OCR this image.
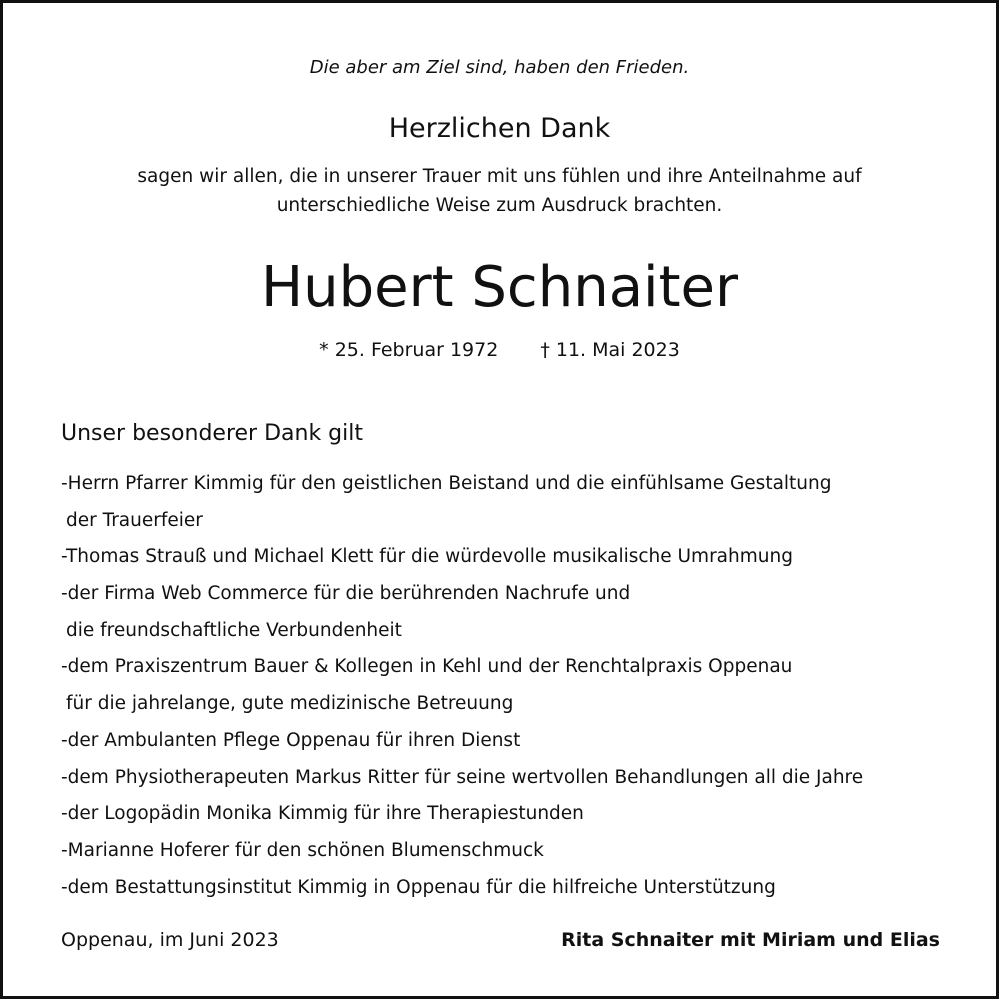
Die aber am Ziel sind, haben den Frieden.
Herzlichen Dank
sagen wir allen, die in unserer Trauer mit uns fühlen und ihre Anteilnahme auf
unterschiedliche Weise zum Ausdruck brachten.
Hubert Schnaiter
* 25. Februar 1972 † 11. Mai 2023
Unser besonderer Dank gilt
-Herrn Pfarrer Kimmig für den geistlichen Beistand und die einfühlsame Gestaltung
der Trauerfeier
-Thomas Strauß und Michael Klett für die würdevolle musikalische Umrahmung
-der Firma Web Commerce für die berührenden Nachrufe und
die freundschaftliche Verbundenheit
-dem Praxiszentrum Bauer & Kollegen in Kehl und der Renchtalpraxis Oppenau
für die jahrelange, gute medizinische Betreuung
-der Ambulanten Pflege Oppenau für ihren Dienst
-dem Physiotherapeuten Markus Ritter für seine wertvollen Behandlungen all die Jahre
-der Logopädin Monika Kimmig für ihre Therapiestunden
-Marianne Hoferer für den schönen Blumenschmuck
-dem Bestattungsinstitut Kimmig in Oppenau für die hilfreiche Unterstützung
Oppenau, im Juni 2023	Rita Schnaiter mit Miriam und Elias
